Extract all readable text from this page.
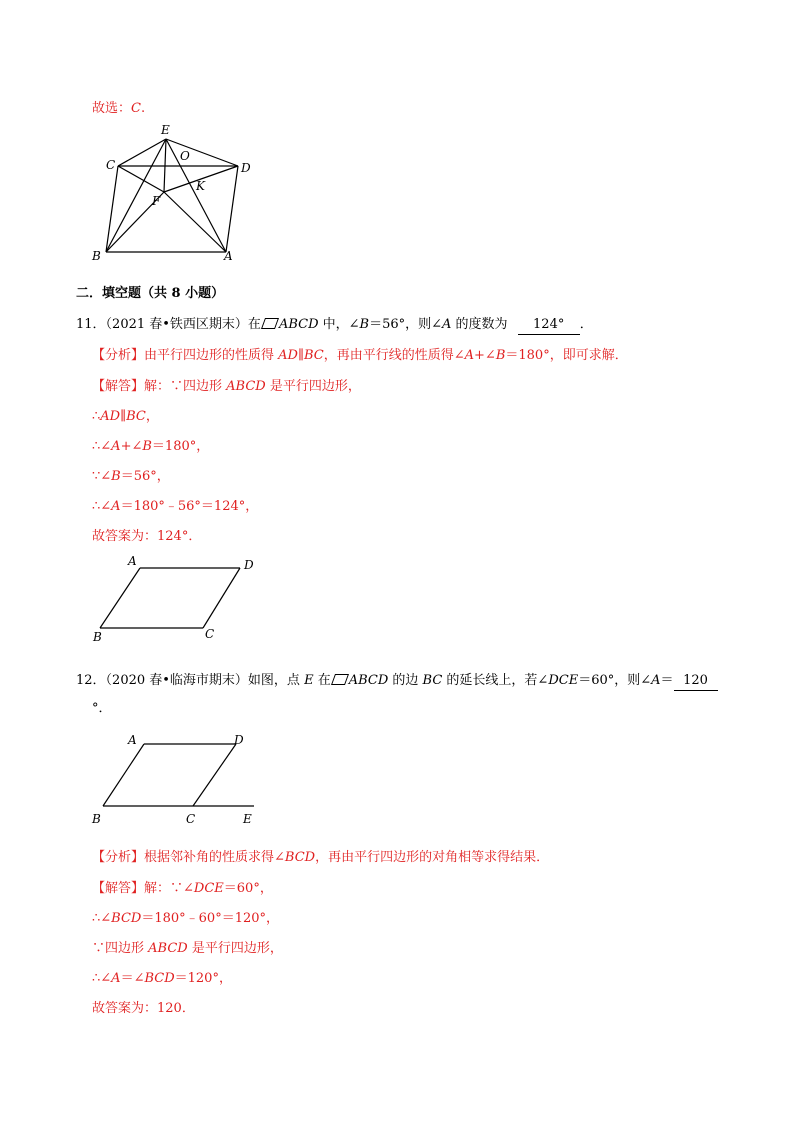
故选：C.
E
C
O
D
K
F
B	A
二．填空题（共 8 小题）
11．（2021 春•铁西区期末）在 ABCD 中，∠B＝56°，则∠A 的度数为 124° ．
【分析】由平行四边形的性质得 AD∥BC，再由平行线的性质得∠A+∠B＝180°，即可求解．
【解答】解：∵四边形 ABCD 是平行四边形，
∴AD∥BC，
∴∠A+∠B＝180°，
∵∠B＝56°，
∴∠A＝180°﹣56°＝124°，
故答案为：124°．
A	D
B	C
12．（2020 春•临海市期末）如图，点 E 在 ABCD 的边 BC 的延长线上，若∠DCE＝60°，则∠A＝ 120
°．
A	D
B	C	E
【分析】根据邻补角的性质求得∠BCD，再由平行四边形的对角相等求得结果．
【解答】解：∵∠DCE＝60°，
∴∠BCD＝180°﹣60°＝120°，
∵四边形 ABCD 是平行四边形，
∴∠A＝∠BCD＝120°，
故答案为：120．
